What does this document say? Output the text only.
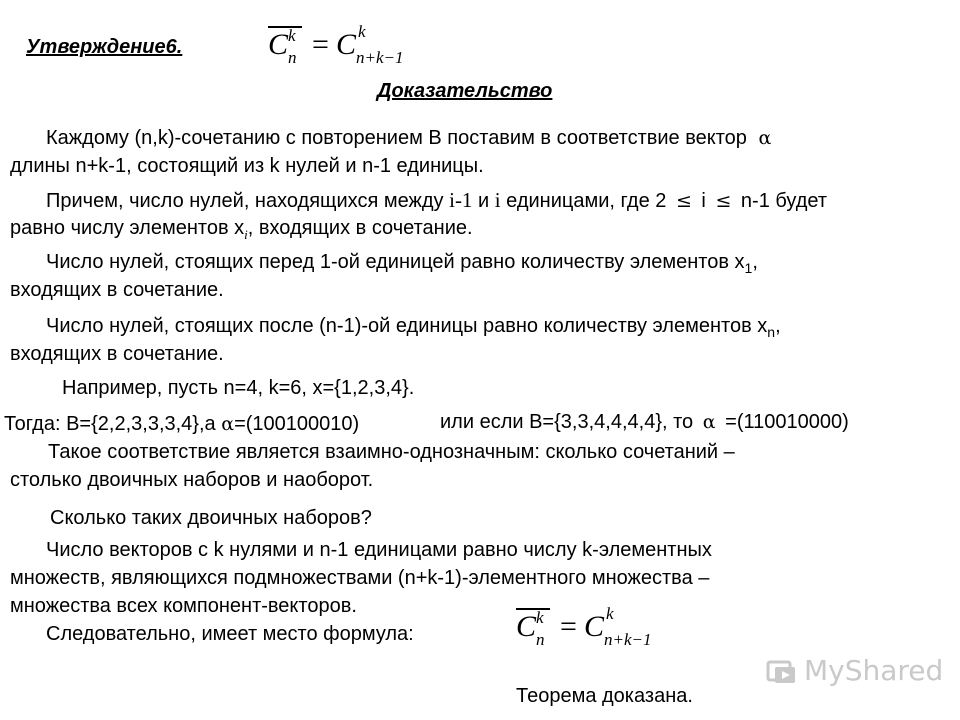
Утверждение6.	C k
n = C k
n+k−1
Доказательство
Каждому (n,k)-сочетанию с повторением B поставим в соответствие вектор α
длины n+k-1, состоящий из k нулей и n-1 единицы.
Причем, число нулей, находящихся между i-1 и i единицами, где 2 ≤ i ≤ n-1 будет
равно числу элементов $x_i$, входящих в сочетание.
Число нулей, стоящих перед 1-ой единицей равно количеству элементов $x_1$,
входящих в сочетание.
Число нулей, стоящих после (n-1)-ой единицы равно количеству элементов $x_n$,
входящих в сочетание.
Например, пусть n=4, k=6, x={1,2,3,4}.
Тогда: B={2,2,3,3,3,4},a α=(100100010)	или если B={3,3,4,4,4,4}, то α =(110010000)
Такое соответствие является взаимно-однозначным: сколько сочетаний –
столько двоичных наборов и наоборот.
Сколько таких двоичных наборов?
Число векторов с k нулями и n-1 единицами равно числу k-элементных
множеств, являющихся подмножествами (n+k-1)-элементного множества –
множества всех компонент-векторов.
Следовательно, имеет место формула:	C k
n = C k
n+k−1
MyShared
Теорема доказана.
